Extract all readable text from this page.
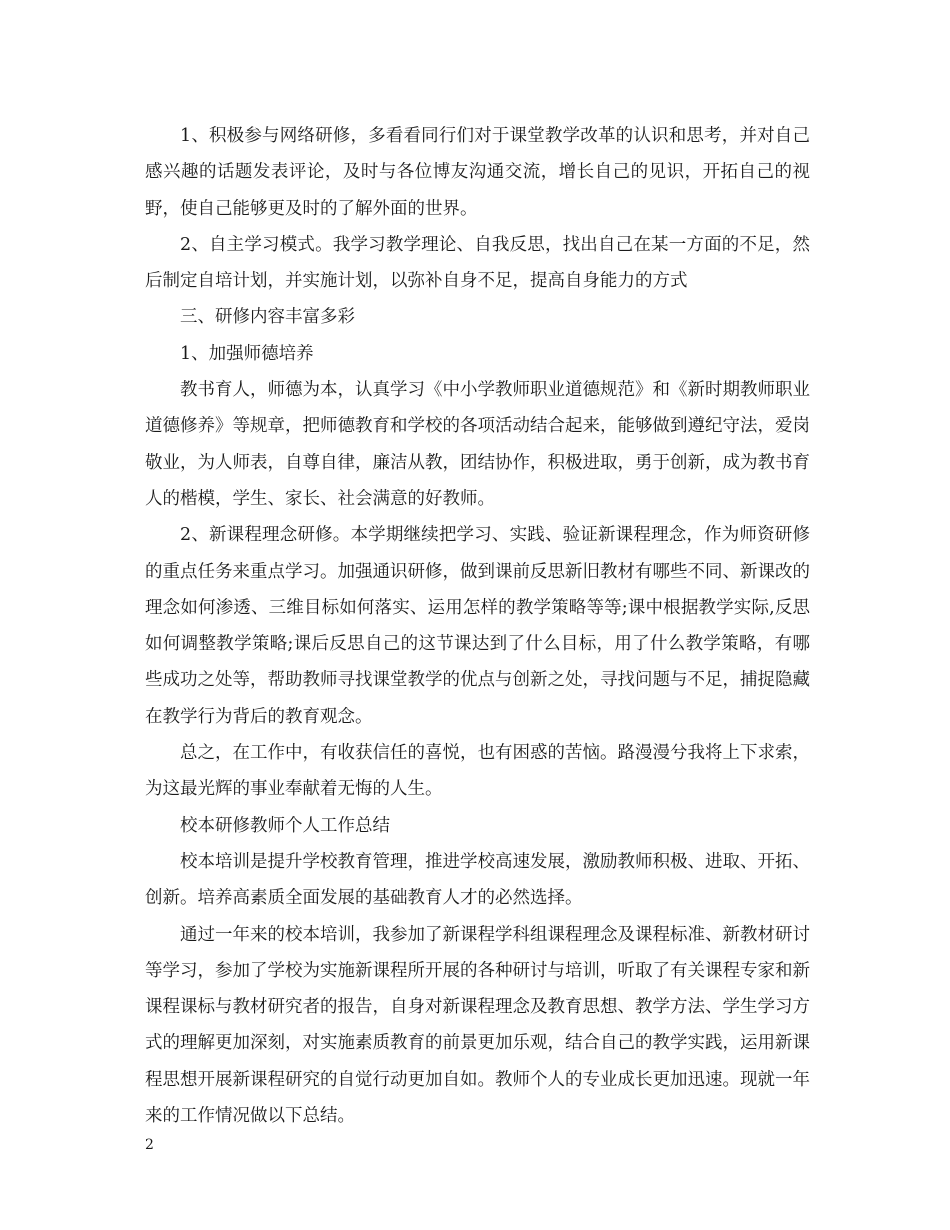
1、积极参与网络研修，多看看同行们对于课堂教学改革的认识和思考，并对自己感兴趣的话题发表评论，及时与各位博友沟通交流，增长自己的见识，开拓自己的视野，使自己能够更及时的了解外面的世界。

2、自主学习模式。我学习教学理论、自我反思，找出自己在某一方面的不足，然后制定自培计划，并实施计划，以弥补自身不足，提高自身能力的方式

三、研修内容丰富多彩

1、加强师德培养

教书育人，师德为本，认真学习《中小学教师职业道德规范》和《新时期教师职业道德修养》等规章，把师德教育和学校的各项活动结合起来，能够做到遵纪守法，爱岗敬业，为人师表，自尊自律，廉洁从教，团结协作，积极进取，勇于创新，成为教书育人的楷模，学生、家长、社会满意的好教师。

2、新课程理念研修。本学期继续把学习、实践、验证新课程理念，作为师资研修的重点任务来重点学习。加强通识研修，做到课前反思新旧教材有哪些不同、新课改的理念如何渗透、三维目标如何落实、运用怎样的教学策略等等;课中根据教学实际,反思如何调整教学策略;课后反思自己的这节课达到了什么目标，用了什么教学策略，有哪些成功之处等，帮助教师寻找课堂教学的优点与创新之处，寻找问题与不足，捕捉隐藏在教学行为背后的教育观念。

总之，在工作中，有收获信任的喜悦，也有困惑的苦恼。路漫漫兮我将上下求索，为这最光辉的事业奉献着无悔的人生。

校本研修教师个人工作总结

校本培训是提升学校教育管理，推进学校高速发展，激励教师积极、进取、开拓、创新。培养高素质全面发展的基础教育人才的必然选择。

通过一年来的校本培训，我参加了新课程学科组课程理念及课程标准、新教材研讨等学习，参加了学校为实施新课程所开展的各种研讨与培训，听取了有关课程专家和新课程课标与教材研究者的报告，自身对新课程理念及教育思想、教学方法、学生学习方式的理解更加深刻，对实施素质教育的前景更加乐观，结合自己的教学实践，运用新课程思想开展新课程研究的自觉行动更加自如。教师个人的专业成长更加迅速。现就一年来的工作情况做以下总结。

2
